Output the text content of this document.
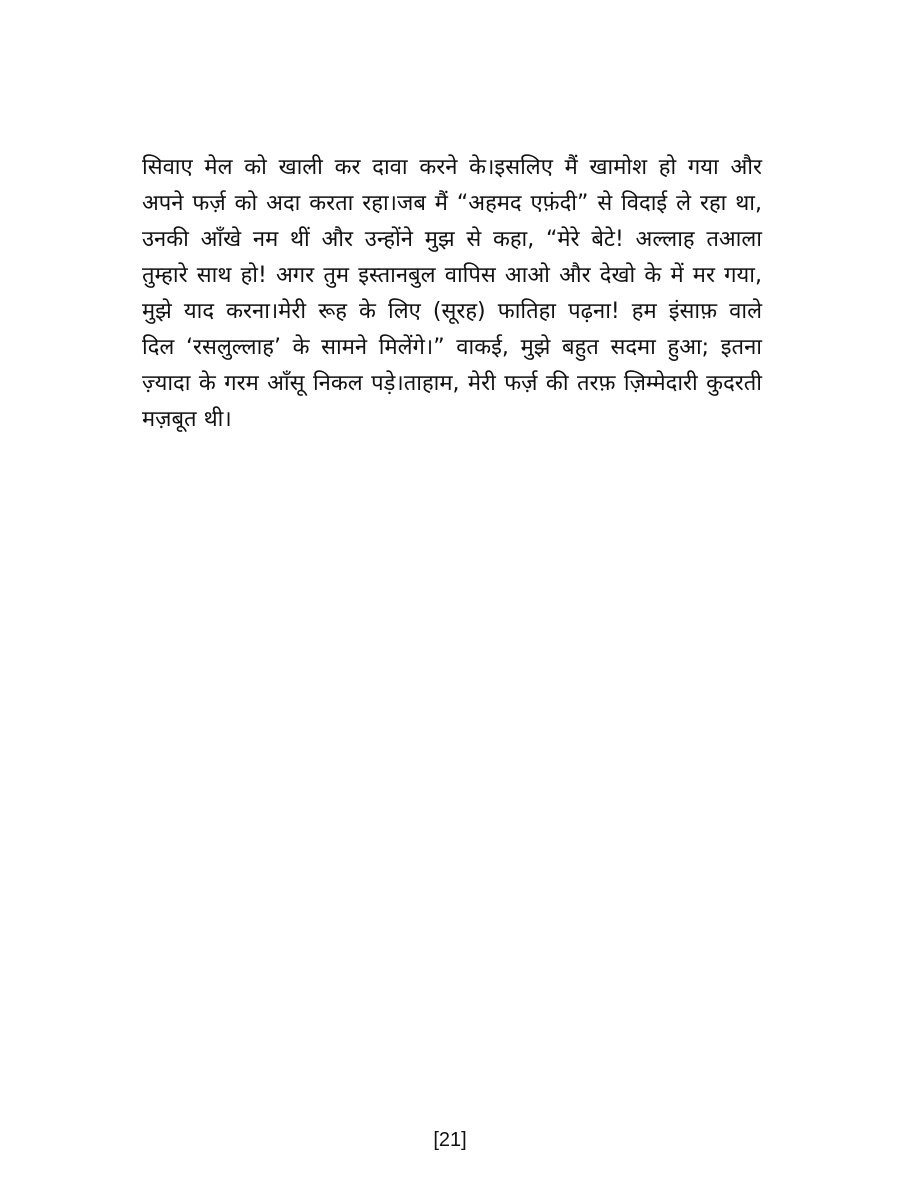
सिवाए मेल को खाली कर दावा करने के।इसलिए मैं खामोश हो गया और
अपने फर्ज़ को अदा करता रहा।जब मैं “अहमद एफ़ंदी” से विदाई ले रहा था,
उनकी आँखे नम थीं और उन्होंने मुझ से कहा, “मेरे बेटे! अल्लाह तआला
तुम्हारे साथ हो! अगर तुम इस्तानबुल वापिस आओ और देखो के में मर गया,
मुझे याद करना।मेरी रूह के लिए (सूरह) फातिहा पढ़ना! हम इंसाफ़ वाले
दिल ‘रसलुल्लाह’ के सामने मिलेंगे।” वाकई, मुझे बहुत सदमा हुआ; इतना
ज़्यादा के गरम आँसू निकल पड़े।ताहाम, मेरी फर्ज़ की तरफ़ ज़िम्मेदारी कुदरती
मज़बूत थी।
[21]
